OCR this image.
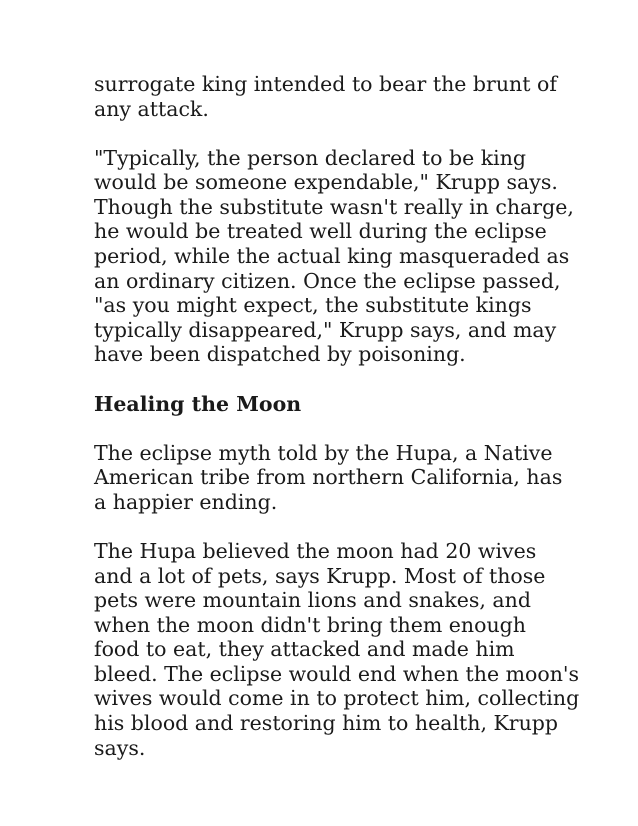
surrogate king intended to bear the brunt of
any attack.

"Typically, the person declared to be king
would be someone expendable," Krupp says.
Though the substitute wasn't really in charge,
he would be treated well during the eclipse
period, while the actual king masqueraded as
an ordinary citizen. Once the eclipse passed,
"as you might expect, the substitute kings
typically disappeared," Krupp says, and may
have been dispatched by poisoning.

Healing the Moon

The eclipse myth told by the Hupa, a Native
American tribe from northern California, has
a happier ending.

The Hupa believed the moon had 20 wives
and a lot of pets, says Krupp. Most of those
pets were mountain lions and snakes, and
when the moon didn't bring them enough
food to eat, they attacked and made him
bleed. The eclipse would end when the moon's
wives would come in to protect him, collecting
his blood and restoring him to health, Krupp
says.
